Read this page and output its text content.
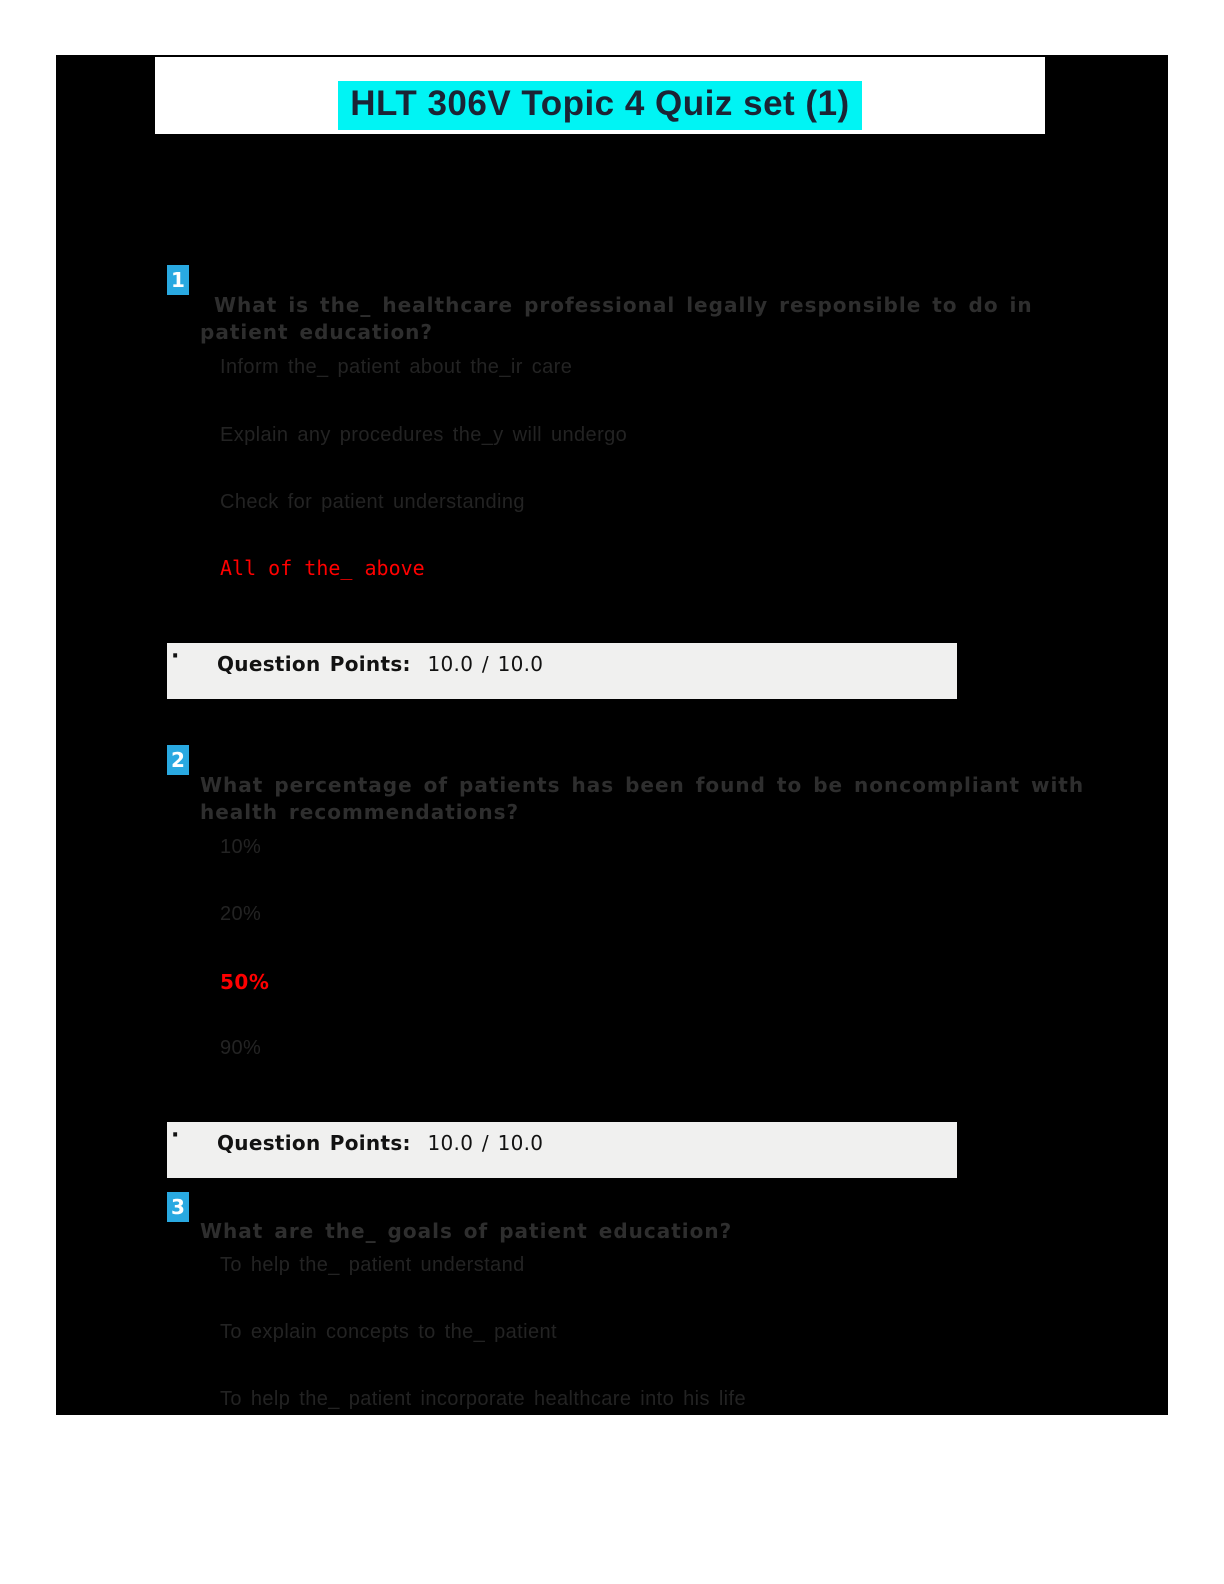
HLT 306V Topic 4 Quiz set (1)
1
What is the_ healthcare professional legally responsible to do in
patient education?
Inform the_ patient about the_ir care
Explain any procedures the_y will undergo
Check for patient understanding
All of the_ above
·	Question Points: 10.0 / 10.0
2
What percentage of patients has been found to be noncompliant with
health recommendations?
10%
20%
50%
90%
·	Question Points: 10.0 / 10.0
3
What are the_ goals of patient education?
To help the_ patient understand
To explain concepts to the_ patient
To help the_ patient incorporate healthcare into his life
